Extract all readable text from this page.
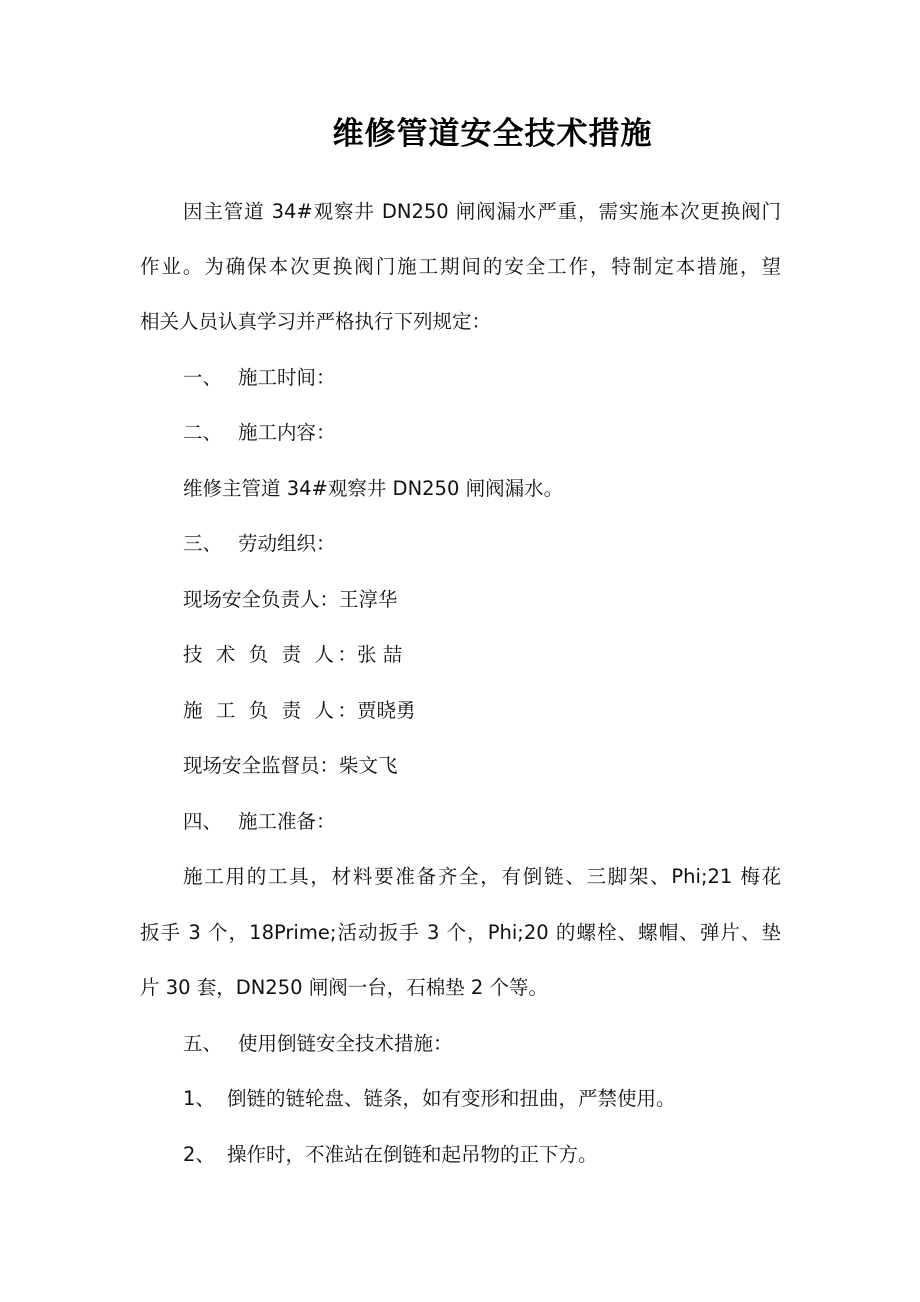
维修管道安全技术措施
因主管道 34#观察井 DN250 闸阀漏水严重，需实施本次更换阀门
作业。为确保本次更换阀门施工期间的安全工作，特制定本措施，望
相关人员认真学习并严格执行下列规定：
一、 施工时间：
二、 施工内容：
维修主管道 34#观察井 DN250 闸阀漏水。
三、 劳动组织：
现场安全负责人：王淳华
技 术 负 责 人：张 喆
施 工 负 责 人：贾晓勇
现场安全监督员：柴文飞
四、 施工准备：
施工用的工具，材料要准备齐全，有倒链、三脚架、Phi;21 梅花
扳手 3 个，18Prime;活动扳手 3 个，Phi;20 的螺栓、螺帽、弹片、垫
片 30 套，DN250 闸阀一台，石棉垫 2 个等。
五、 使用倒链安全技术措施：
1、 倒链的链轮盘、链条，如有变形和扭曲，严禁使用。
2、 操作时，不准站在倒链和起吊物的正下方。
